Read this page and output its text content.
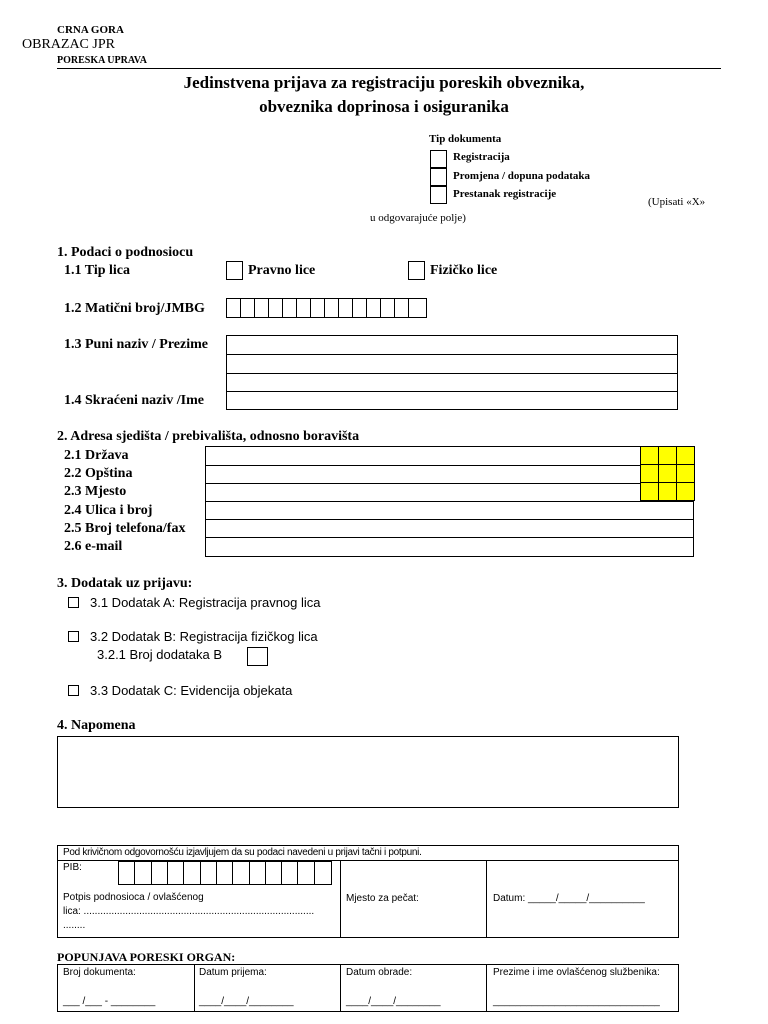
CRNA GORA
OBRAZAC JPR
PORESKA UPRAVA
Jedinstvena prijava za registraciju poreskih obveznika,
obveznika doprinosa i osiguranika
Tip dokumenta
Registracija
Promjena / dopuna podataka
Prestanak registracije
(Upisati «X»
u odgovarajuće polje)
1. Podaci o podnosiocu
1.1 Tip lica	Pravno lice	Fizičko lice
1.2 Matični broj/JMBG
1.3 Puni naziv / Prezime
1.4 Skraćeni naziv /Ime
2. Adresa sjedišta / prebivališta, odnosno boravišta
2.1 Država
2.2 Opština
2.3 Mjesto
2.4 Ulica i broj
2.5 Broj telefona/fax
2.6 e-mail
3. Dodatak uz prijavu:
3.1 Dodatak A: Registracija pravnog lica
3.2 Dodatak B: Registracija fizičkog lica
3.2.1 Broj dodataka B
3.3 Dodatak C: Evidencija objekata
4. Napomena
Pod krivičnom odgovornošću izjavljujem da su podaci navedeni u prijavi tačni i potpuni.
PIB:
Potpis podnosioca / ovlašćenog
lica: ...................................................................................
........
Mjesto za pečat:	Datum: _____/_____/__________
POPUNJAVA PORESKI ORGAN:
Broj dokumenta:	Datum prijema:	Datum obrade:	Prezime i ime ovlašćenog službenika:
___ /___ - ________	____/____/________	____/____/________	______________________________
